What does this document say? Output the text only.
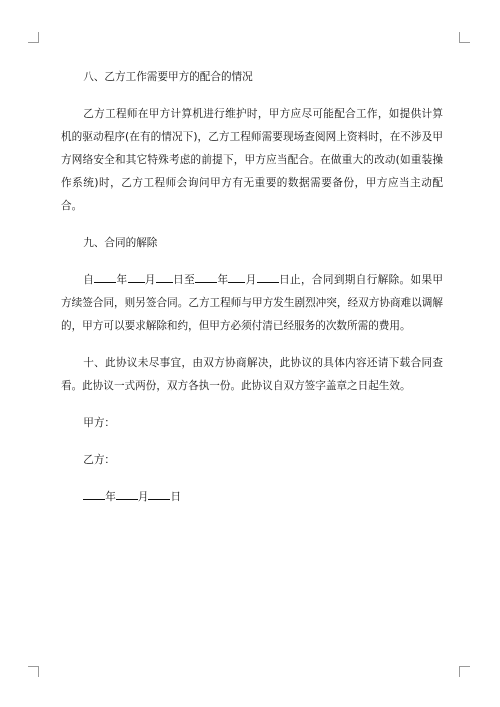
八、乙方工作需要甲方的配合的情况

乙方工程师在甲方计算机进行维护时，甲方应尽可能配合工作，如提供计算机的驱动程序(在有的情况下)，乙方工程师需要现场查阅网上资料时，在不涉及甲方网络安全和其它特殊考虑的前提下，甲方应当配合。在做重大的改动(如重装操作系统)时，乙方工程师会询问甲方有无重要的数据需要备份，甲方应当主动配合。

九、合同的解除

自 年 月 日至 年 月 日止，合同到期自行解除。如果甲方续签合同，则另签合同。乙方工程师与甲方发生剧烈冲突，经双方协商难以调解的，甲方可以要求解除和约，但甲方必须付清已经服务的次数所需的费用。

十、此协议未尽事宜，由双方协商解决，此协议的具体内容还请下载合同查看。此协议一式两份，双方各执一份。此协议自双方签字盖章之日起生效。

甲方：

乙方：

年 月 日
